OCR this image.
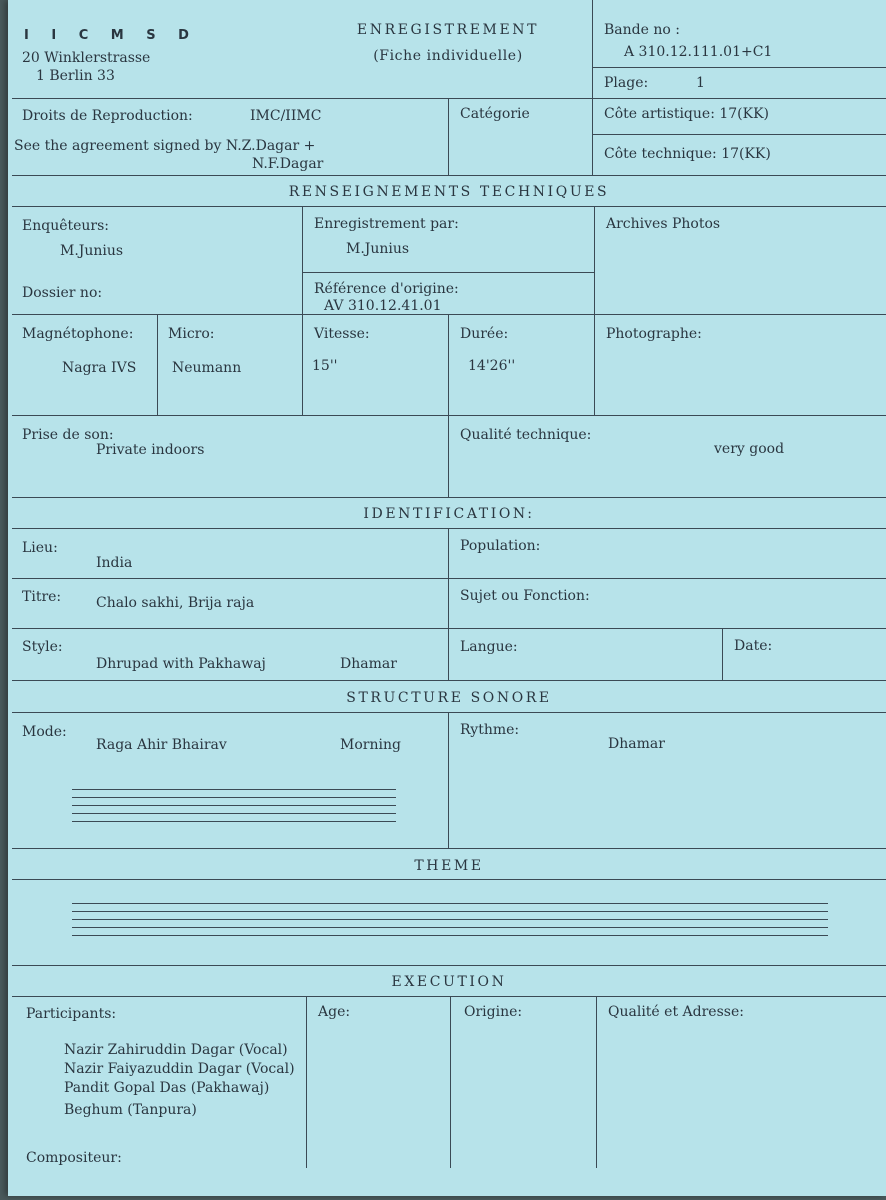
I I C M S D
20 Winklerstrasse
1 Berlin 33
ENREGISTREMENT
(Fiche individuelle)
Bande no :
A 310.12.111.01+C1
Plage:	1
Droits de Reproduction:	IMC/IIMC
See the agreement signed by N.Z.Dagar +
N.F.Dagar
Catégorie	Côte artistique: 17(KK)
Côte technique: 17(KK)
RENSEIGNEMENTS TECHNIQUES
Enquêteurs:
M.Junius
Enregistrement par:
M.Junius
Archives Photos
Dossier no:	Référence d'origine:
AV 310.12.41.01
Magnétophone:
Nagra IVS
Micro:
Neumann
Vitesse:
15''
Durée:
14'26''
Photographe:
Prise de son:
Private indoors
Qualité technique:
very good
IDENTIFICATION:
Lieu:
India
Population:
Titre: Chalo sakhi, Brija raja	Sujet ou Fonction:
Style:
Dhrupad with Pakhawaj	Dhamar
Langue:	Date:
STRUCTURE SONORE
Mode:
Raga Ahir Bhairav	Morning
Rythme:
Dhamar
THEME
EXECUTION
Participants:	Age:	Origine:	Qualité et Adresse:
Nazir Zahiruddin Dagar (Vocal)
Nazir Faiyazuddin Dagar (Vocal)
Pandit Gopal Das (Pakhawaj)
Beghum (Tanpura)
Compositeur:
